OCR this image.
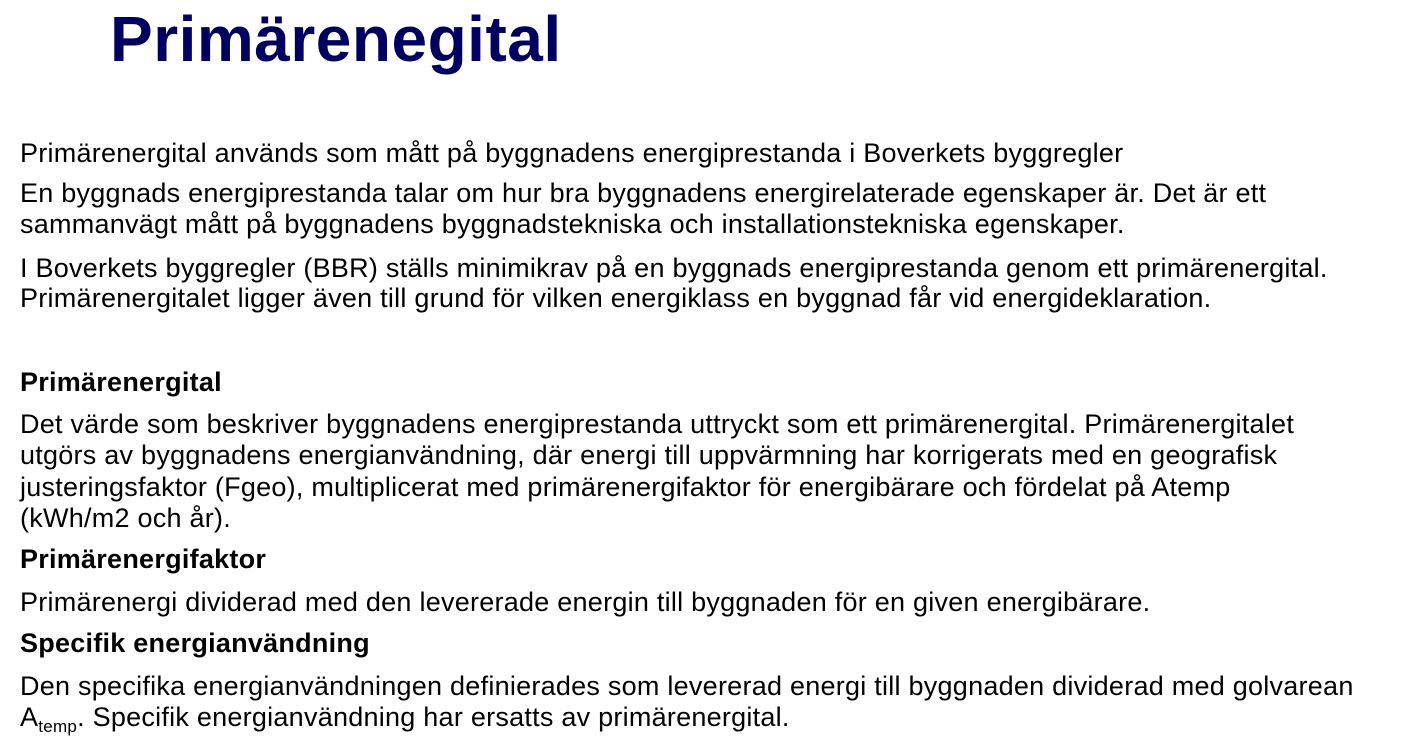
Primärenegital
Primärenergital används som mått på byggnadens energiprestanda i Boverkets byggregler
En byggnads energiprestanda talar om hur bra byggnadens energirelaterade egenskaper är. Det är ett
sammanvägt mått på byggnadens byggnadstekniska och installationstekniska egenskaper.
I Boverkets byggregler (BBR) ställs minimikrav på en byggnads energiprestanda genom ett primärenergital.
Primärenergitalet ligger även till grund för vilken energiklass en byggnad får vid energideklaration.
Primärenergital
Det värde som beskriver byggnadens energiprestanda uttryckt som ett primärenergital. Primärenergitalet
utgörs av byggnadens energianvändning, där energi till uppvärmning har korrigerats med en geografisk
justeringsfaktor (Fgeo), multiplicerat med primärenergifaktor för energibärare och fördelat på Atemp
(kWh/m2 och år).
Primärenergifaktor
Primärenergi dividerad med den levererade energin till byggnaden för en given energibärare.
Specifik energianvändning
Den specifika energianvändningen definierades som levererad energi till byggnaden dividerad med golvarean
$A_{temp}$. Specifik energianvändning har ersatts av primärenergital.
